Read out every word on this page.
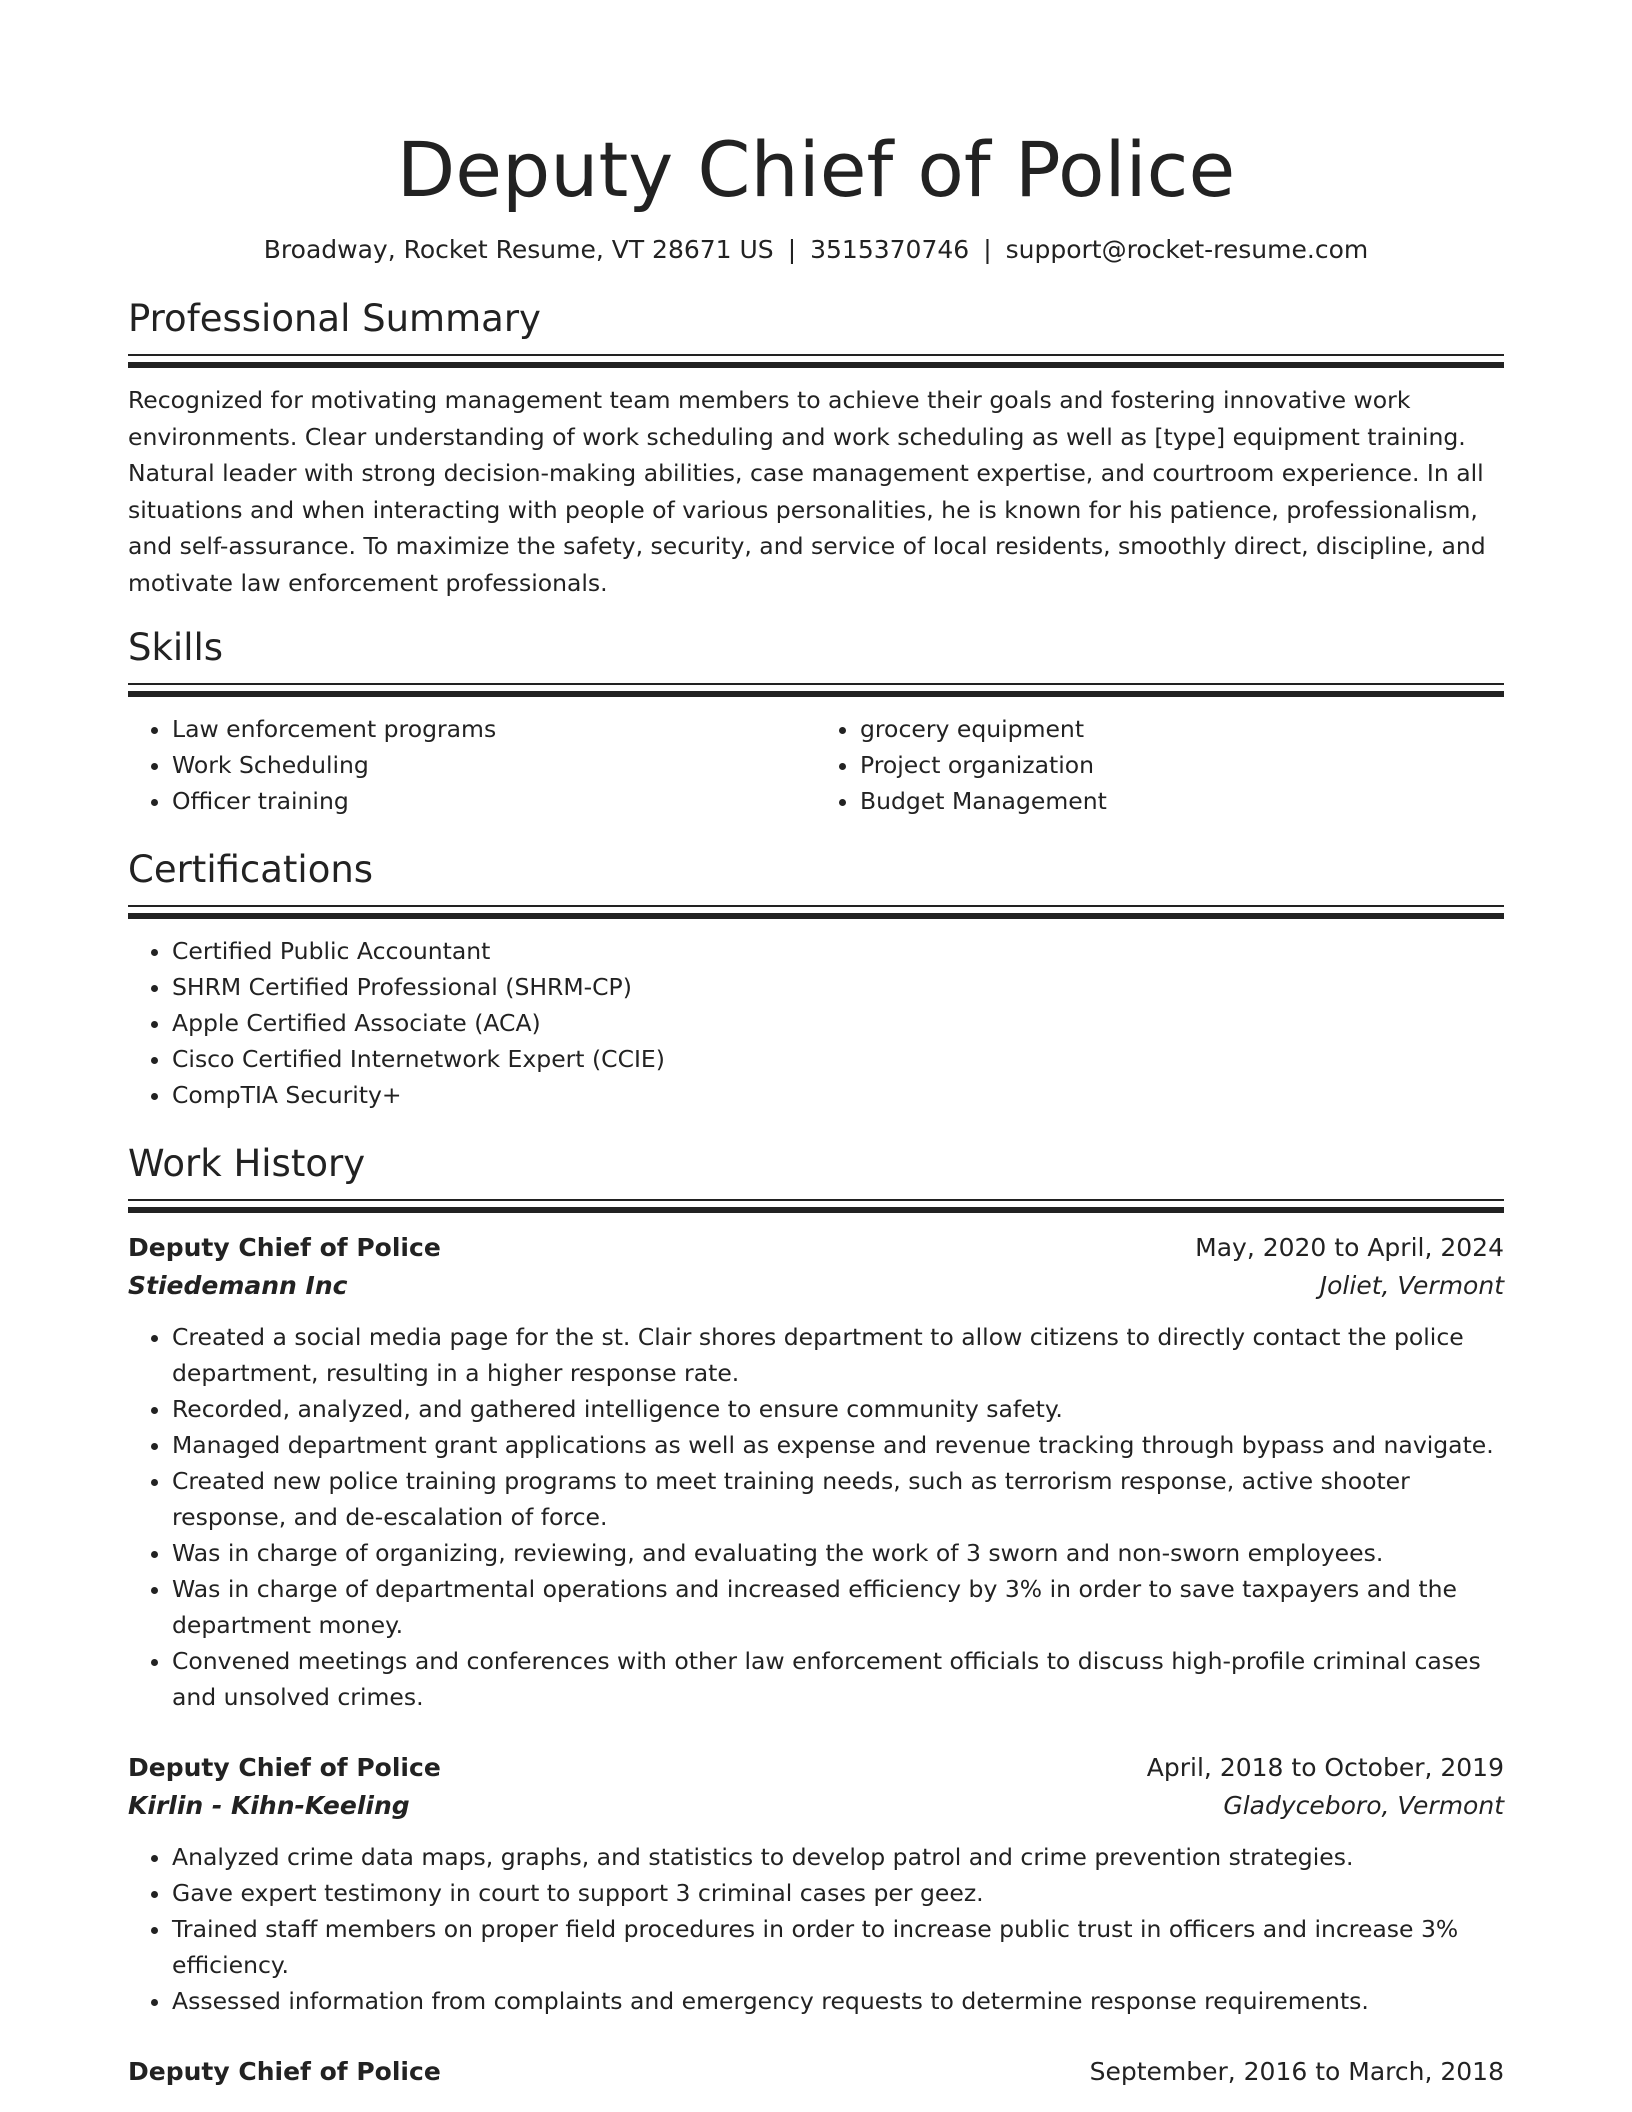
Deputy Chief of Police
Broadway, Rocket Resume, VT 28671 US | 3515370746 | support@rocket-resume.com
Professional Summary

Recognized for motivating management team members to achieve their goals and fostering innovative work environments. Clear understanding of work scheduling and work scheduling as well as [type] equipment training. Natural leader with strong decision-making abilities, case management expertise, and courtroom experience. In all situations and when interacting with people of various personalities, he is known for his patience, professionalism, and self-assurance. To maximize the safety, security, and service of local residents, smoothly direct, discipline, and motivate law enforcement professionals.

Skills
• Law enforcement programs
• Work Scheduling
• Officer training
• grocery equipment
• Project organization
• Budget Management
Certifications
• Certified Public Accountant
• SHRM Certified Professional (SHRM-CP)
• Apple Certified Associate (ACA)
• Cisco Certified Internetwork Expert (CCIE)
• CompTIA Security+
Work History
Deputy Chief of Police	May, 2020 to April, 2024
Stiedemann Inc	Joliet, Vermont
• Created a social media page for the st. Clair shores department to allow citizens to directly contact the police department, resulting in a higher response rate.
• Recorded, analyzed, and gathered intelligence to ensure community safety.
• Managed department grant applications as well as expense and revenue tracking through bypass and navigate.
• Created new police training programs to meet training needs, such as terrorism response, active shooter response, and de-escalation of force.
• Was in charge of organizing, reviewing, and evaluating the work of 3 sworn and non-sworn employees.
• Was in charge of departmental operations and increased efficiency by 3% in order to save taxpayers and the department money.
• Convened meetings and conferences with other law enforcement officials to discuss high-profile criminal cases and unsolved crimes.
Deputy Chief of Police	April, 2018 to October, 2019
Kirlin - Kihn-Keeling	Gladyceboro, Vermont
• Analyzed crime data maps, graphs, and statistics to develop patrol and crime prevention strategies.
• Gave expert testimony in court to support 3 criminal cases per geez.
• Trained staff members on proper field procedures in order to increase public trust in officers and increase 3% efficiency.
• Assessed information from complaints and emergency requests to determine response requirements.
Deputy Chief of Police	September, 2016 to March, 2018
